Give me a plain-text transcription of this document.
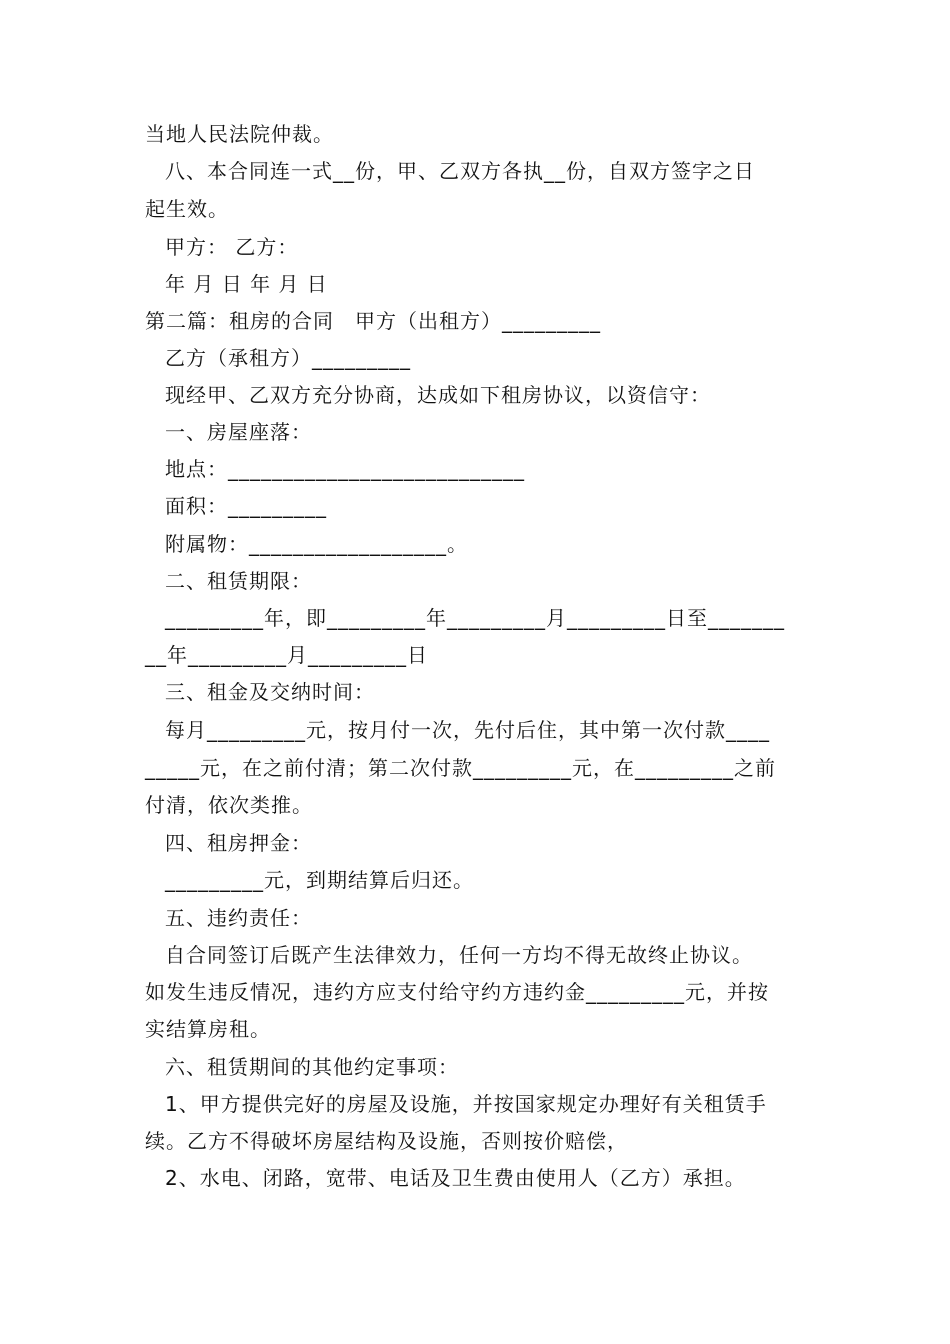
当地人民法院仲裁。
八、本合同连一式__份，甲、乙双方各执__份，自双方签字之日
起生效。
甲方： 乙方：
年 月 日 年 月 日
第二篇：租房的合同　甲方（出租方）_________
乙方（承租方）_________
现经甲、乙双方充分协商，达成如下租房协议，以资信守：
一、房屋座落：
地点：___________________________
面积：_________
附属物：__________________。
二、租赁期限：
_________年，即_________年_________月_________日至_______
__年_________月_________日
三、租金及交纳时间：
每月_________元，按月付一次，先付后住，其中第一次付款____
_____元，在之前付清；第二次付款_________元，在_________之前
付清，依次类推。
四、租房押金：
_________元，到期结算后归还。
五、违约责任：
自合同签订后既产生法律效力，任何一方均不得无故终止协议。
如发生违反情况，违约方应支付给守约方违约金_________元，并按
实结算房租。
六、租赁期间的其他约定事项：
1、甲方提供完好的房屋及设施，并按国家规定办理好有关租赁手
续。乙方不得破坏房屋结构及设施，否则按价赔偿，
2、水电、闭路，宽带、电话及卫生费由使用人（乙方）承担。
